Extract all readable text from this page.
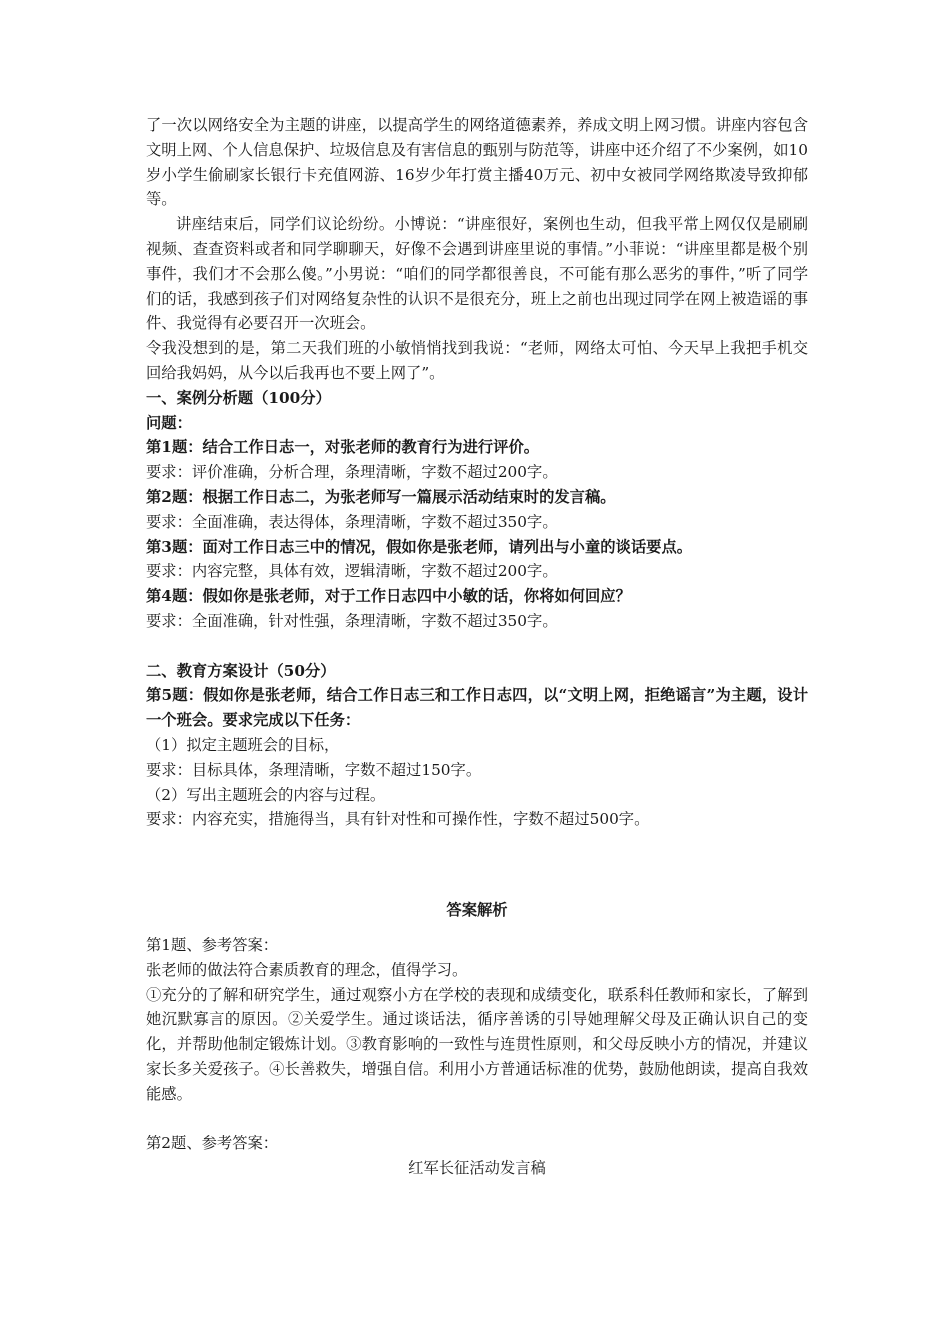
了一次以网络安全为主题的讲座，以提高学生的网络道德素养，养成文明上网习惯。讲座内容包含文明上网、个人信息保护、垃圾信息及有害信息的甄别与防范等，讲座中还介绍了不少案例，如10岁小学生偷刷家长银行卡充值网游、16岁少年打赏主播40万元、初中女被同学网络欺凌导致抑郁等。

讲座结束后，同学们议论纷纷。小博说：“讲座很好，案例也生动，但我平常上网仅仅是刷刷视频、查查资料或者和同学聊聊天，好像不会遇到讲座里说的事情。”小菲说：“讲座里都是极个别事件，我们才不会那么傻。”小男说：“咱们的同学都很善良，不可能有那么恶劣的事件，”听了同学们的话，我感到孩子们对网络复杂性的认识不是很充分，班上之前也出现过同学在网上被造谣的事件、我觉得有必要召开一次班会。

令我没想到的是，第二天我们班的小敏悄悄找到我说：“老师，网络太可怕、今天早上我把手机交回给我妈妈，从今以后我再也不要上网了”。

一、案例分析题（100分）

问题：

第1题：结合工作日志一，对张老师的教育行为进行评价。

要求：评价准确，分析合理，条理清晰，字数不超过200字。

第2题：根据工作日志二，为张老师写一篇展示活动结束时的发言稿。

要求：全面准确，表达得体，条理清晰，字数不超过350字。

第3题：面对工作日志三中的情况，假如你是张老师，请列出与小童的谈话要点。

要求：内容完整，具体有效，逻辑清晰，字数不超过200字。

第4题：假如你是张老师，对于工作日志四中小敏的话，你将如何回应？

要求：全面准确，针对性强，条理清晰，字数不超过350字。

二、教育方案设计（50分）

第5题：假如你是张老师，结合工作日志三和工作日志四，以“文明上网，拒绝谣言”为主题，设计一个班会。要求完成以下任务：

（1）拟定主题班会的目标，

要求：目标具体，条理清晰，字数不超过150字。

（2）写出主题班会的内容与过程。

要求：内容充实，措施得当，具有针对性和可操作性，字数不超过500字。

答案解析

第1题、参考答案：

张老师的做法符合素质教育的理念，值得学习。

①充分的了解和研究学生，通过观察小方在学校的表现和成绩变化，联系科任教师和家长，了解到她沉默寡言的原因。②关爱学生。通过谈话法，循序善诱的引导她理解父母及正确认识自己的变化，并帮助他制定锻炼计划。③教育影响的一致性与连贯性原则，和父母反映小方的情况，并建议家长多关爱孩子。④长善救失，增强自信。利用小方普通话标准的优势，鼓励他朗读，提高自我效能感。

第2题、参考答案：

红军长征活动发言稿
